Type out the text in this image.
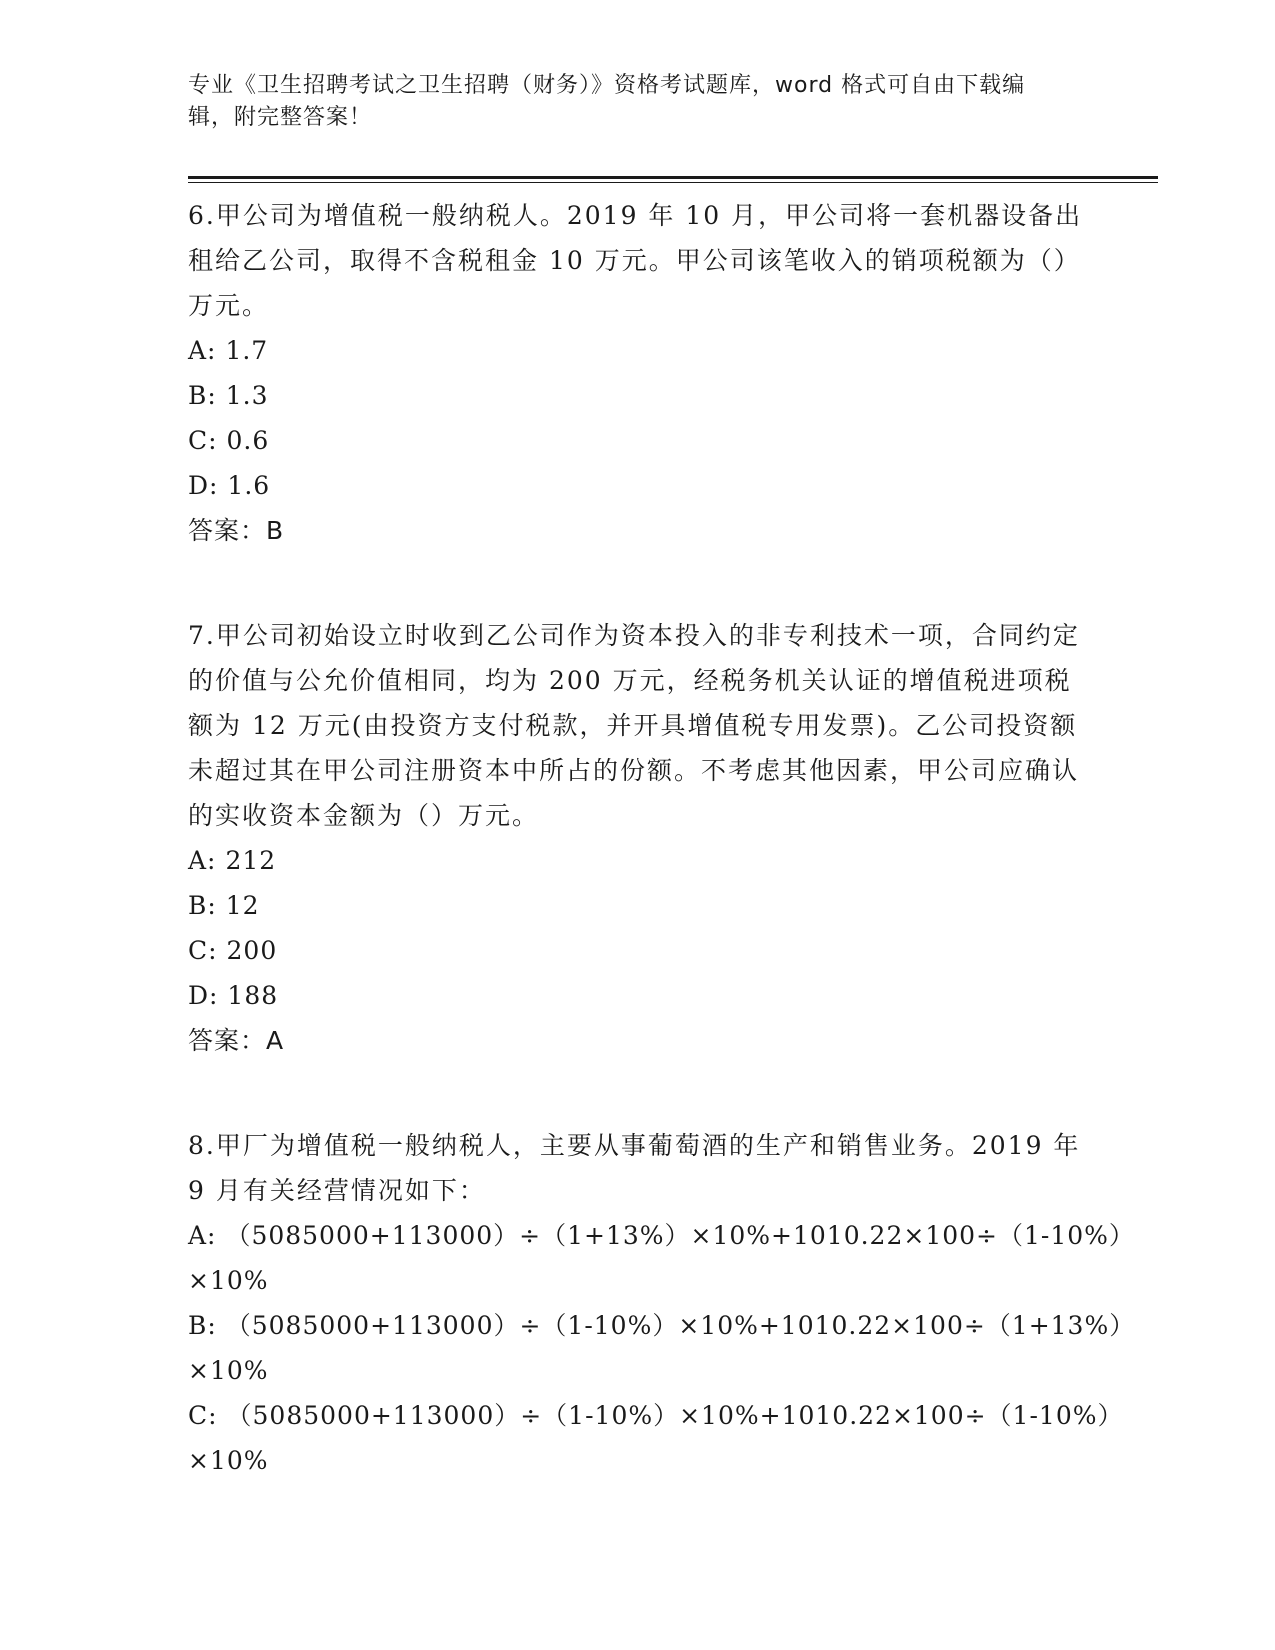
专业《卫生招聘考试之卫生招聘（财务）》资格考试题库，word 格式可自由下载编辑，附完整答案！

6.甲公司为增值税一般纳税人。2019 年 10 月，甲公司将一套机器设备出租给乙公司，取得不含税租金 10 万元。甲公司该笔收入的销项税额为（）万元。

A: 1.7

B: 1.3

C: 0.6

D: 1.6

答案：B

7.甲公司初始设立时收到乙公司作为资本投入的非专利技术一项，合同约定的价值与公允价值相同，均为 200 万元，经税务机关认证的增值税进项税额为 12 万元(由投资方支付税款，并开具增值税专用发票)。乙公司投资额未超过其在甲公司注册资本中所占的份额。不考虑其他因素，甲公司应确认的实收资本金额为（）万元。

A: 212

B: 12

C: 200

D: 188

答案：A

8.甲厂为增值税一般纳税人，主要从事葡萄酒的生产和销售业务。2019 年 9 月有关经营情况如下：

A: （5085000+113000）÷（1+13%）×10%+1010.22×100÷（1-10%）×10%

B: （5085000+113000）÷（1-10%）×10%+1010.22×100÷（1+13%）×10%

C: （5085000+113000）÷（1-10%）×10%+1010.22×100÷（1-10%）×10%
